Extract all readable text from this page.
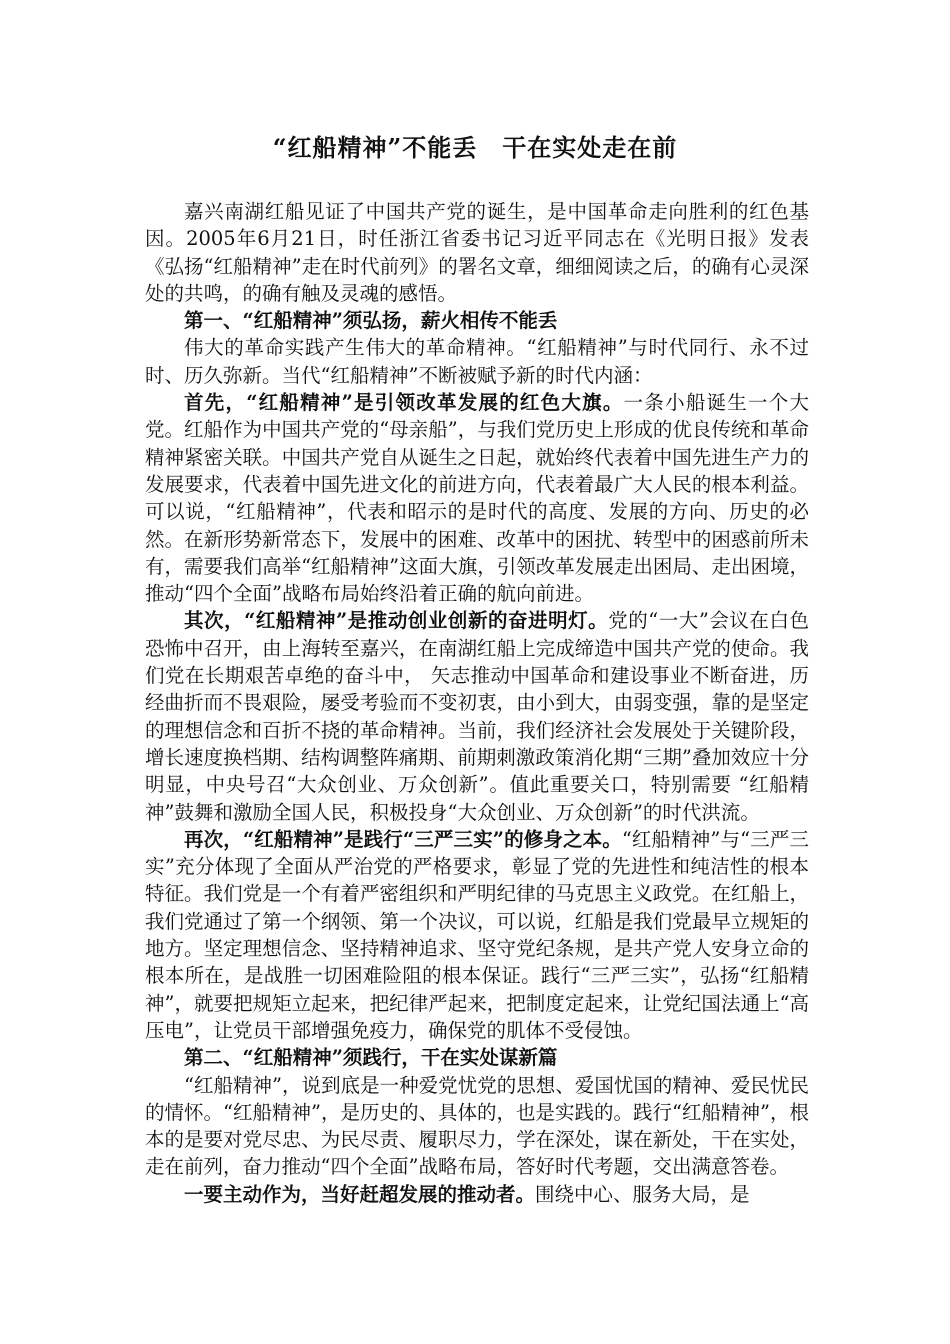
“红船精神”不能丢　干在实处走在前

嘉兴南湖红船见证了中国共产党的诞生，是中国革命走向胜利的红色基因。2005年6月21日，时任浙江省委书记习近平同志在《光明日报》发表《弘扬“红船精神”走在时代前列》的署名文章，细细阅读之后，的确有心灵深处的共鸣，的确有触及灵魂的感悟。

第一、“红船精神”须弘扬，薪火相传不能丢

伟大的革命实践产生伟大的革命精神。“红船精神”与时代同行、永不过时、历久弥新。当代“红船精神”不断被赋予新的时代内涵：

首先，“红船精神”是引领改革发展的红色大旗。一条小船诞生一个大党。红船作为中国共产党的“母亲船”，与我们党历史上形成的优良传统和革命精神紧密关联。中国共产党自从诞生之日起，就始终代表着中国先进生产力的发展要求，代表着中国先进文化的前进方向，代表着最广大人民的根本利益。可以说，“红船精神”，代表和昭示的是时代的高度、发展的方向、历史的必然。在新形势新常态下，发展中的困难、改革中的困扰、转型中的困惑前所未有，需要我们高举“红船精神”这面大旗，引领改革发展走出困局、走出困境，推动“四个全面”战略布局始终沿着正确的航向前进。

其次，“红船精神”是推动创业创新的奋进明灯。党的“一大”会议在白色恐怖中召开，由上海转至嘉兴，在南湖红船上完成缔造中国共产党的使命。我们党在长期艰苦卓绝的奋斗中， 矢志推动中国革命和建设事业不断奋进，历经曲折而不畏艰险，屡受考验而不变初衷，由小到大，由弱变强，靠的是坚定的理想信念和百折不挠的革命精神。当前，我们经济社会发展处于关键阶段，增长速度换档期、结构调整阵痛期、前期刺激政策消化期“三期”叠加效应十分明显，中央号召“大众创业、万众创新”。值此重要关口，特别需要 “红船精神”鼓舞和激励全国人民，积极投身“大众创业、万众创新”的时代洪流。

再次，“红船精神”是践行“三严三实”的修身之本。“红船精神”与“三严三实”充分体现了全面从严治党的严格要求，彰显了党的先进性和纯洁性的根本特征。我们党是一个有着严密组织和严明纪律的马克思主义政党。在红船上，我们党通过了第一个纲领、第一个决议，可以说，红船是我们党最早立规矩的地方。坚定理想信念、坚持精神追求、坚守党纪条规，是共产党人安身立命的根本所在，是战胜一切困难险阻的根本保证。践行“三严三实”，弘扬“红船精神”，就要把规矩立起来，把纪律严起来，把制度定起来，让党纪国法通上“高压电”，让党员干部增强免疫力，确保党的肌体不受侵蚀。

第二、“红船精神”须践行，干在实处谋新篇

“红船精神”，说到底是一种爱党忧党的思想、爱国忧国的精神、爱民忧民的情怀。“红船精神”，是历史的、具体的，也是实践的。践行“红船精神”，根本的是要对党尽忠、为民尽责、履职尽力，学在深处，谋在新处，干在实处，走在前列，奋力推动“四个全面”战略布局，答好时代考题，交出满意答卷。

一要主动作为，当好赶超发展的推动者。围绕中心、服务大局，是
